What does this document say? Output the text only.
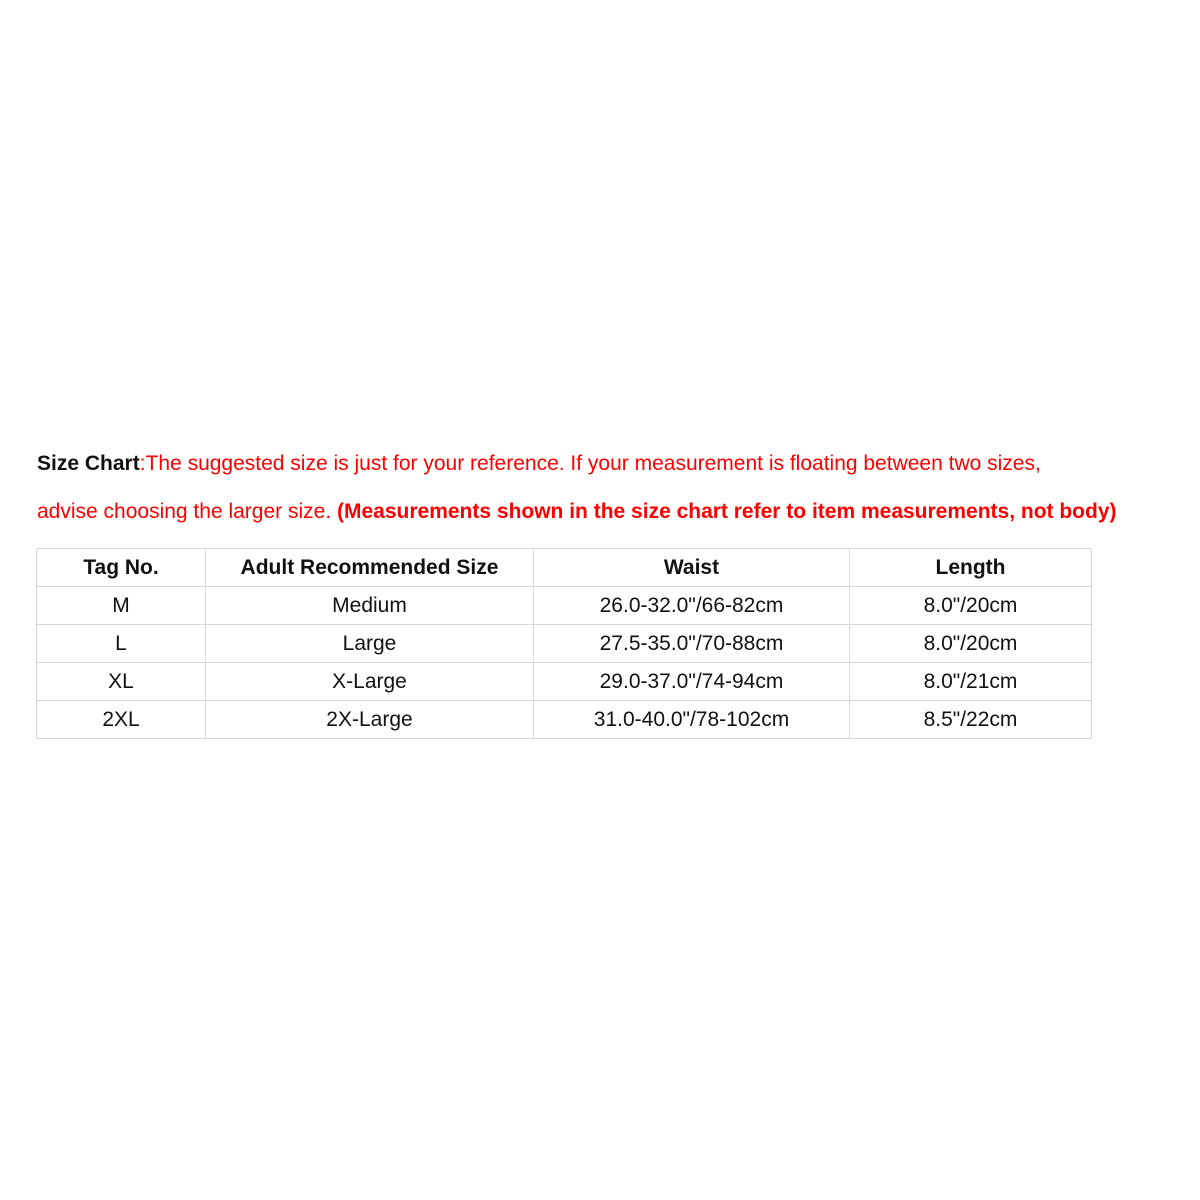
Size Chart:The suggested size is just for your reference. If your measurement is floating between two sizes,
advise choosing the larger size. (Measurements shown in the size chart refer to item measurements, not body)
Tag No.	Adult Recommended Size	Waist	Length
M	Medium	26.0-32.0"/66-82cm	8.0"/20cm
L	Large	27.5-35.0"/70-88cm	8.0"/20cm
XL	X-Large	29.0-37.0"/74-94cm	8.0"/21cm
2XL	2X-Large	31.0-40.0"/78-102cm	8.5"/22cm
